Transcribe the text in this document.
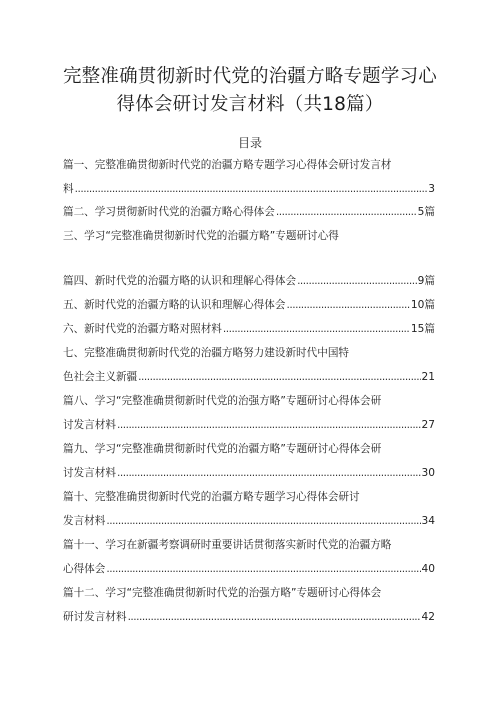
完整准确贯彻新时代党的治疆方略专题学习心
得体会研讨发言材料（共18篇）
目录
篇一、完整准确贯彻新时代党的治疆方略专题学习心得体会研讨发言材
料 .....	3
篇二、学习贯彻新时代党的治疆方略心得体会 .....	5篇
三、学习“完整准确贯彻新时代党的治疆方略”专题研讨心得
篇四、新时代党的治疆方略的认识和理解心得体会 .....	9篇
五、新时代党的治疆方略的认识和理解心得体会 .....	10篇
六、新时代党的治疆方略对照材料 .....	15篇
七、完整准确贯彻新时代党的治疆方略努力建设新时代中国特
色社会主义新疆 .....	21
篇八、学习“完整准确贯彻新时代党的治强方略”专题研讨心得体会研
讨发言材料 .....	27
篇九、学习“完整准确贯彻新时代党的治疆方略”专题研讨心得体会研
讨发言材料 .....	30
篇十、完整准确贯彻新时代党的治疆方略专题学习心得体会研讨
发言材料 .....	34
篇十一、学习在新疆考察调研时重要讲话贯彻落实新时代党的治疆方略
心得体会 .....	40
篇十二、学习“完整准确贯彻新时代党的治强方略”专题研讨心得体会
研讨发言材料 .....	42
